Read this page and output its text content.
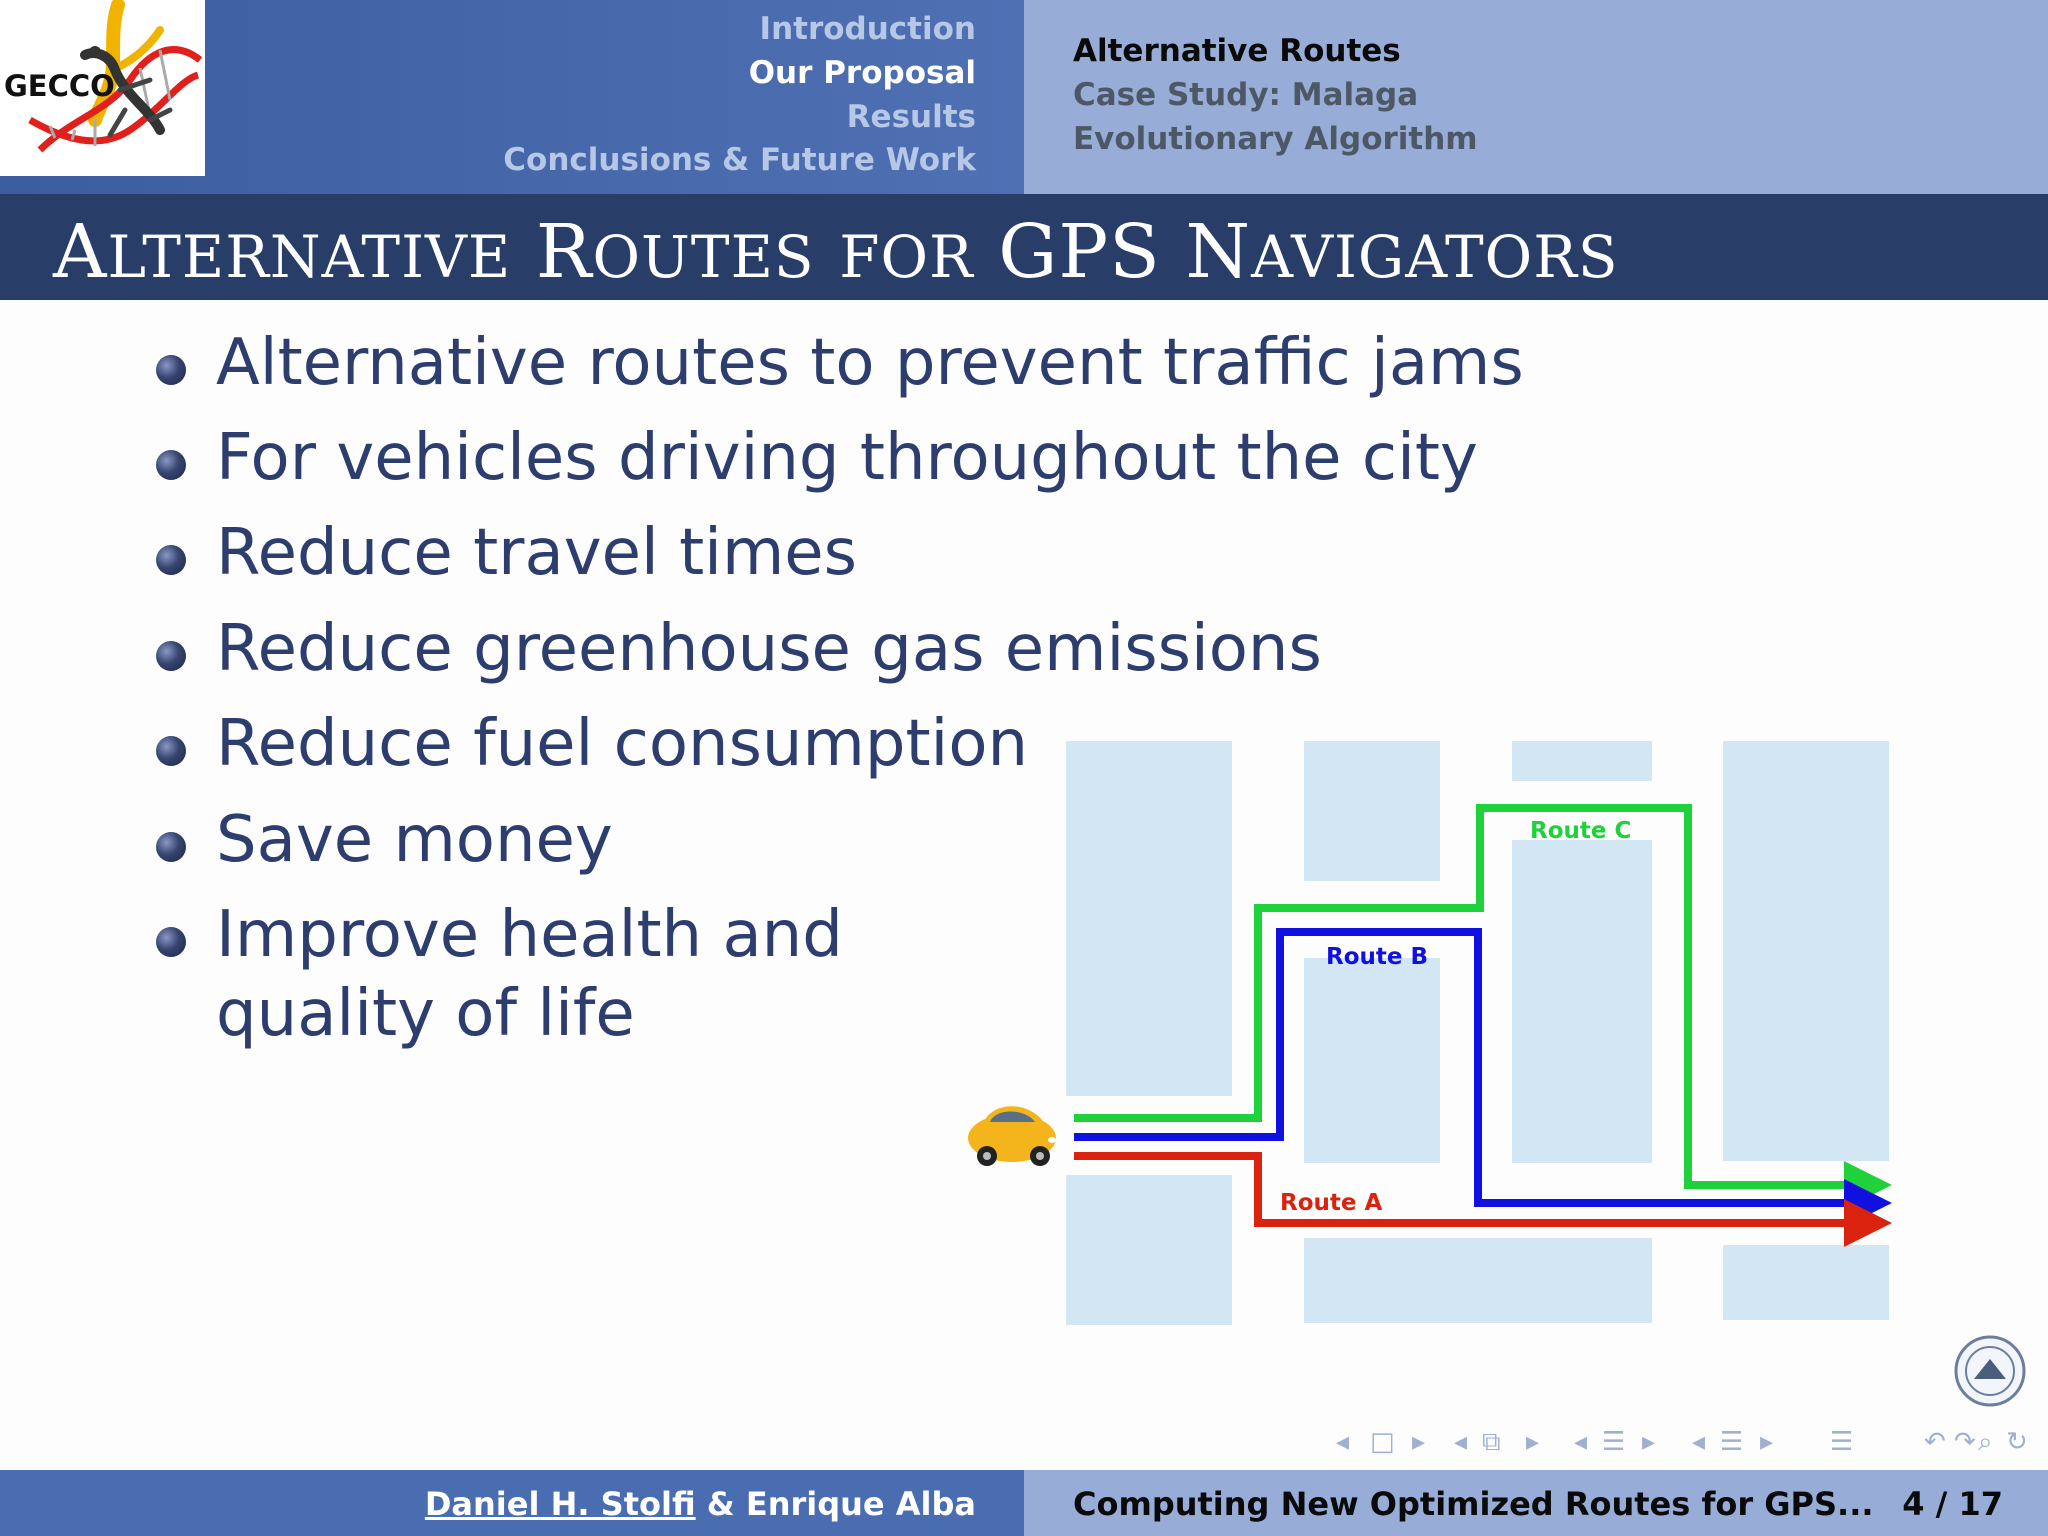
GECCO
Introduction
Our Proposal
Results
Conclusions & Future Work
Alternative Routes
Case Study: Malaga
Evolutionary Algorithm
ALTERNATIVE ROUTES FOR GPS NAVIGATORS
Alternative routes to prevent traffic jams
For vehicles driving throughout the city
Reduce travel times
Reduce greenhouse gas emissions
Reduce fuel consumption
Save money
Improve health and
quality of life
Route C
Route B
Route A
◂ □ ▸ ◂ ⧉ ▸ ◂ ☰ ▸ ◂ ☰ ▸ ☰	↶ ↷ ⌕ ↻
Daniel H. Stolfi & Enrique Alba	Computing New Optimized Routes for GPS... 4 / 17
